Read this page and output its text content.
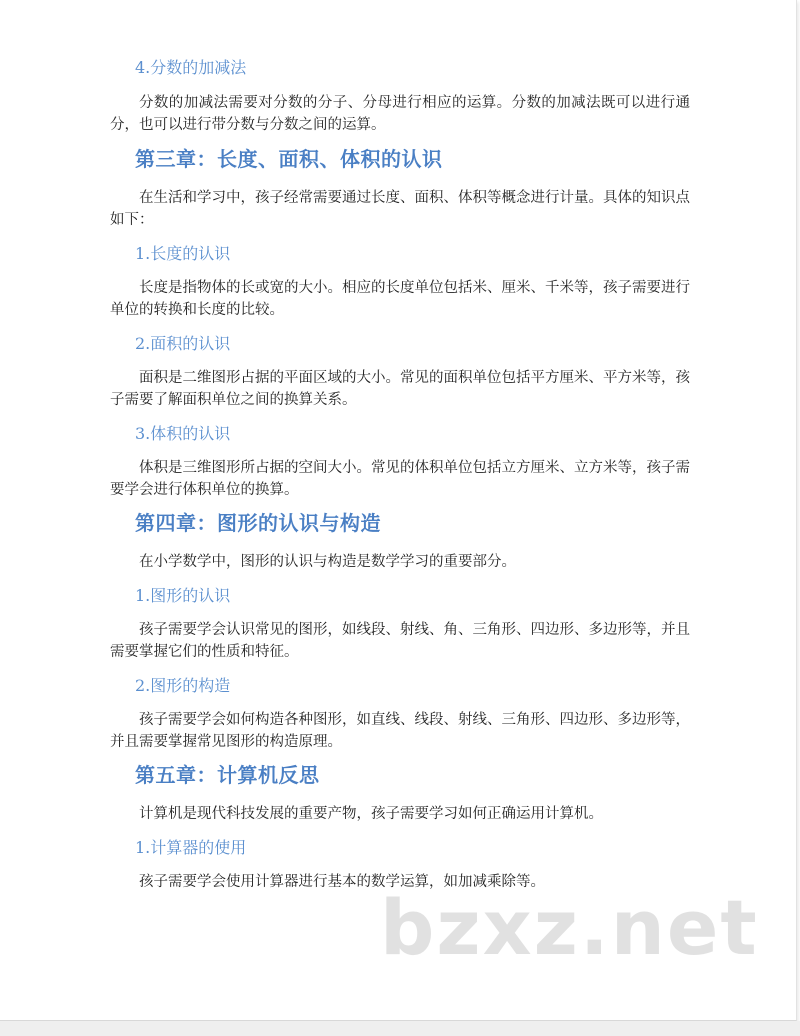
4.分数的加减法

分数的加减法需要对分数的分子、分母进行相应的运算。分数的加减法既可以进行通分，也可以进行带分数与分数之间的运算。

第三章：长度、面积、体积的认识

在生活和学习中，孩子经常需要通过长度、面积、体积等概念进行计量。具体的知识点如下：

1.长度的认识

长度是指物体的长或宽的大小。相应的长度单位包括米、厘米、千米等，孩子需要进行单位的转换和长度的比较。

2.面积的认识

面积是二维图形占据的平面区域的大小。常见的面积单位包括平方厘米、平方米等，孩子需要了解面积单位之间的换算关系。

3.体积的认识

体积是三维图形所占据的空间大小。常见的体积单位包括立方厘米、立方米等，孩子需要学会进行体积单位的换算。

第四章：图形的认识与构造

在小学数学中，图形的认识与构造是数学学习的重要部分。

1.图形的认识

孩子需要学会认识常见的图形，如线段、射线、角、三角形、四边形、多边形等，并且需要掌握它们的性质和特征。

2.图形的构造

孩子需要学会如何构造各种图形，如直线、线段、射线、三角形、四边形、多边形等，并且需要掌握常见图形的构造原理。

第五章：计算机反思

计算机是现代科技发展的重要产物，孩子需要学习如何正确运用计算机。

1.计算器的使用

孩子需要学会使用计算器进行基本的数学运算，如加减乘除等。

bzxz.net
